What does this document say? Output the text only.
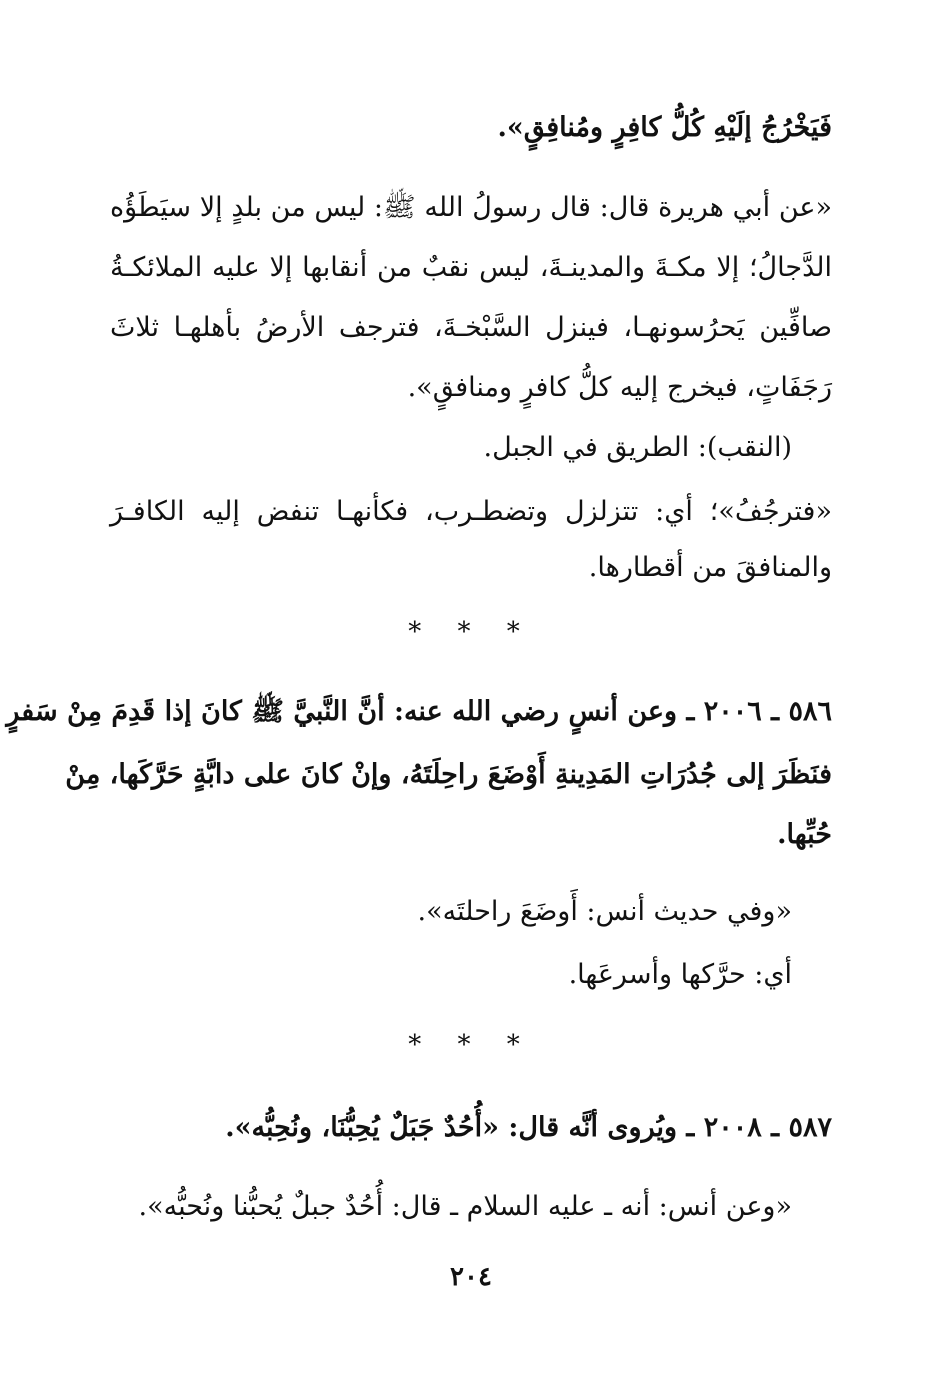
فَيَخْرُجُ إلَيْهِ كُلُّ كافِرٍ ومُنافِقٍ».
«عن أبي هريرة قال: قال رسولُ الله ﷺ: ليس من بلدٍ إلا سيَطَؤُه
الدَّجالُ؛ إلا مكـةَ والمدينـةَ، ليس نقبٌ من أنقابها إلا عليه الملائكـةُ
صافِّين يَحرُسونهـا، فينزل السَّبْخـةَ، فترجف الأرضُ بأهلهـا ثلاثَ
رَجَفَاتٍ، فيخرج إليه كلُّ كافرٍ ومنافقٍ».
(النقب): الطريق في الجبل.
«فترجُفُ»؛ أي: تتزلزل وتضطـرب، فكأنهـا تنفض إليه الكافـرَ
والمنافقَ من أقطارها.
* * *
٥٨٦ ـ ٢٠٠٦ ـ وعن أنسٍ رضي الله عنه: أنَّ النَّبيَّ ﷺ كانَ إذا قَدِمَ مِنْ سَفرٍ
فنَظَرَ إلى جُدُرَاتِ المَدِينةِ أَوْضَعَ راحِلَتَهُ، وإنْ كانَ على دابَّةٍ حَرَّكَها، مِنْ
حُبِّها.
«وفي حديث أنس: أَوضَعَ راحلتَه».
أي: حرَّكها وأسرعَها.
* * *
٥٨٧ ـ ٢٠٠٨ ـ ويُروى أنَّه قال: «أُحُدٌ جَبَلٌ يُحِبُّنَا، ونُحِبُّه».
«وعن أنس: أنه ـ عليه السلام ـ قال: أُحُدٌ جبلٌ يُحبُّنا ونُحبُّه».
٢٠٤
